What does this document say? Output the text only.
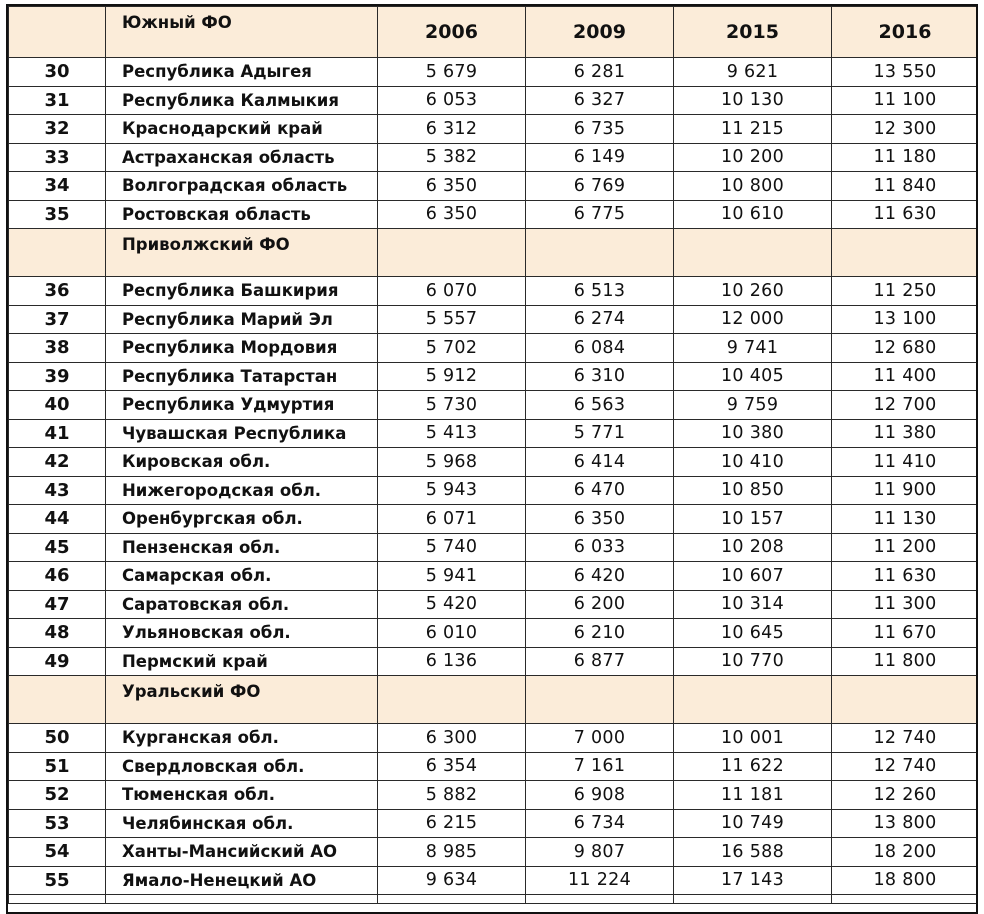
	Южный ФО	2006	2009	2015	2016
30	Республика Адыгея	5 679	6 281	9 621	13 550
31	Республика Калмыкия	6 053	6 327	10 130	11 100
32	Краснодарский край	6 312	6 735	11 215	12 300
33	Астраханская область	5 382	6 149	10 200	11 180
34	Волгоградская область	6 350	6 769	10 800	11 840
35	Ростовская область	6 350	6 775	10 610	11 630
	Приволжский ФО				
36	Республика Башкирия	6 070	6 513	10 260	11 250
37	Республика Марий Эл	5 557	6 274	12 000	13 100
38	Республика Мордовия	5 702	6 084	9 741	12 680
39	Республика Татарстан	5 912	6 310	10 405	11 400
40	Республика Удмуртия	5 730	6 563	9 759	12 700
41	Чувашская Республика	5 413	5 771	10 380	11 380
42	Кировская обл.	5 968	6 414	10 410	11 410
43	Нижегородская обл.	5 943	6 470	10 850	11 900
44	Оренбургская обл.	6 071	6 350	10 157	11 130
45	Пензенская обл.	5 740	6 033	10 208	11 200
46	Самарская обл.	5 941	6 420	10 607	11 630
47	Саратовская обл.	5 420	6 200	10 314	11 300
48	Ульяновская обл.	6 010	6 210	10 645	11 670
49	Пермский край	6 136	6 877	10 770	11 800
	Уральский ФО				
50	Курганская обл.	6 300	7 000	10 001	12 740
51	Свердловская обл.	6 354	7 161	11 622	12 740
52	Тюменская обл.	5 882	6 908	11 181	12 260
53	Челябинская обл.	6 215	6 734	10 749	13 800
54	Ханты-Мансийский АО	8 985	9 807	16 588	18 200
55	Ямало-Ненецкий АО	9 634	11 224	17 143	18 800
